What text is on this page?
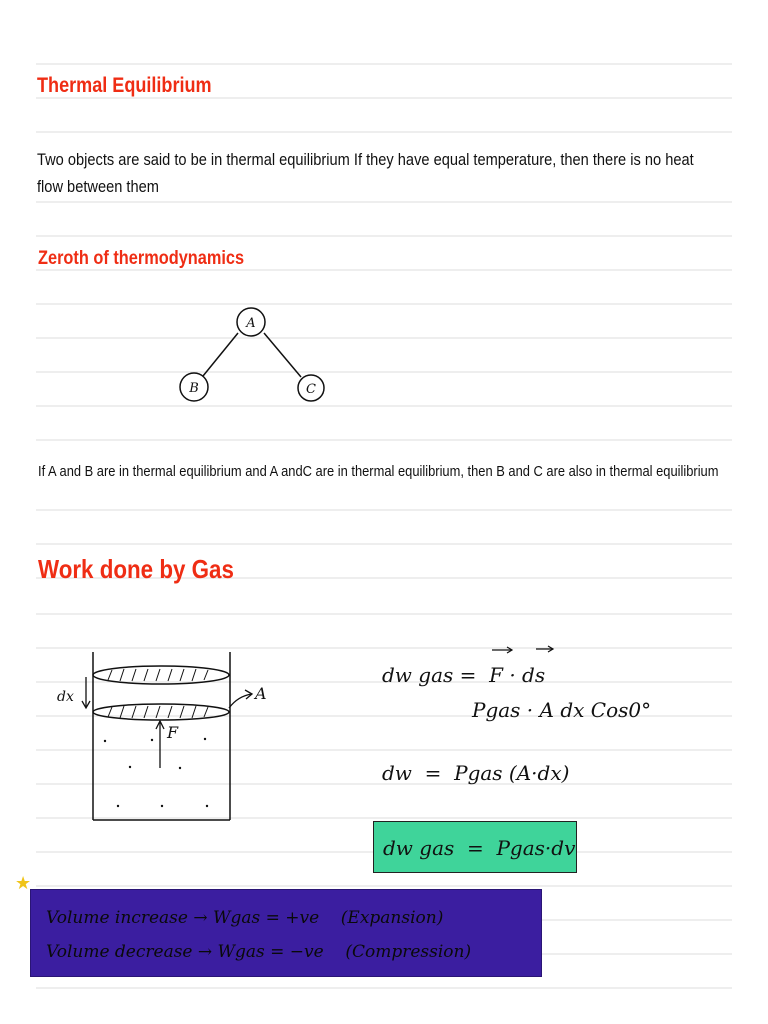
Thermal Equilibrium

Two objects are said to be in thermal equilibrium If they have equal temperature, then there is no heat flow between them

Zeroth of thermodynamics
A
B	C

If A and B are in thermal equilibrium and A andC are in thermal equilibrium, then B and C are also in thermal equilibrium

Work done by Gas
★
dx	A
F
dw gas =  F · ds
Pgas · A dx Cos0°
dw  =  Pgas (A·dx)
dw gas  =  Pgas·dv
Volume increase → Wgas = +ve    (Expansion)
Volume decrease → Wgas = −ve    (Compression)
